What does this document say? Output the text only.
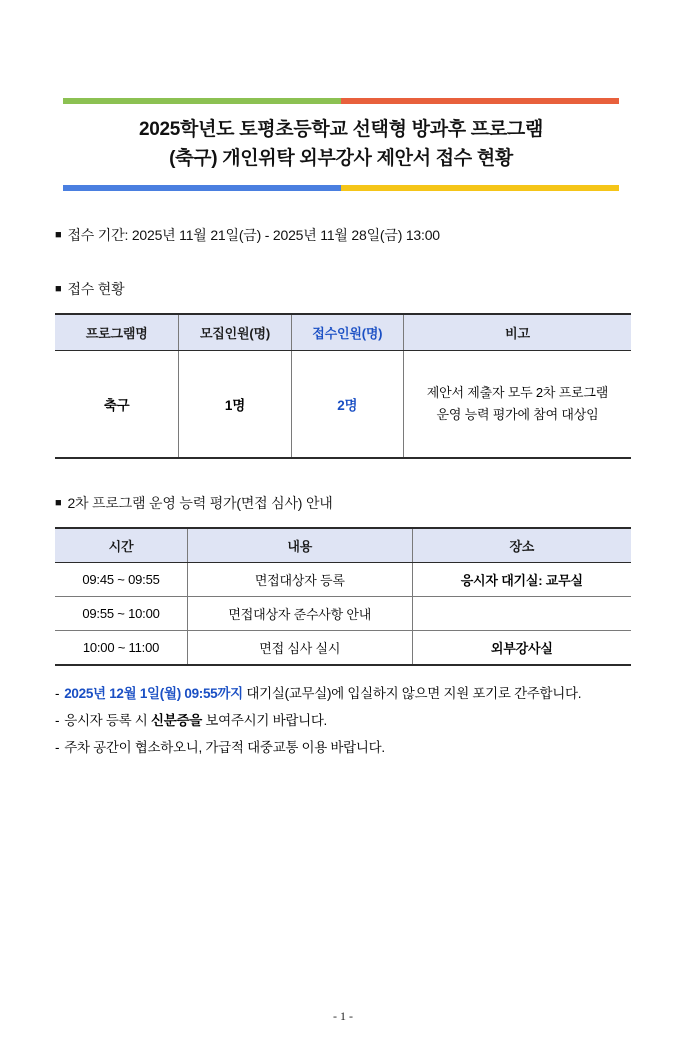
2025학년도 토평초등학교 선택형 방과후 프로그램
(축구) 개인위탁 외부강사 제안서 접수 현황
■ 접수 기간: 2025년 11월 21일(금) - 2025년 11월 28일(금) 13:00
■ 접수 현황
프로그램명	모집인원(명)	접수인원(명)	비고
축구	1명	2명	제안서 제출자 모두 2차 프로그램
운영 능력 평가에 참여 대상임
■ 2차 프로그램 운영 능력 평가(면접 심사) 안내
시간	내용	장소
09:45 ~ 09:55	면접대상자 등록	응시자 대기실: 교무실
09:55 ~ 10:00	면접대상자 준수사항 안내	
10:00 ~ 11:00	면접 심사 실시	외부강사실
- 2025년 12월 1일(월) 09:55까지 대기실(교무실)에 입실하지 않으면 지원 포기로 간주합니다.
- 응시자 등록 시 신분증을 보여주시기 바랍니다.
- 주차 공간이 협소하오니, 가급적 대중교통 이용 바랍니다.
- 1 -
